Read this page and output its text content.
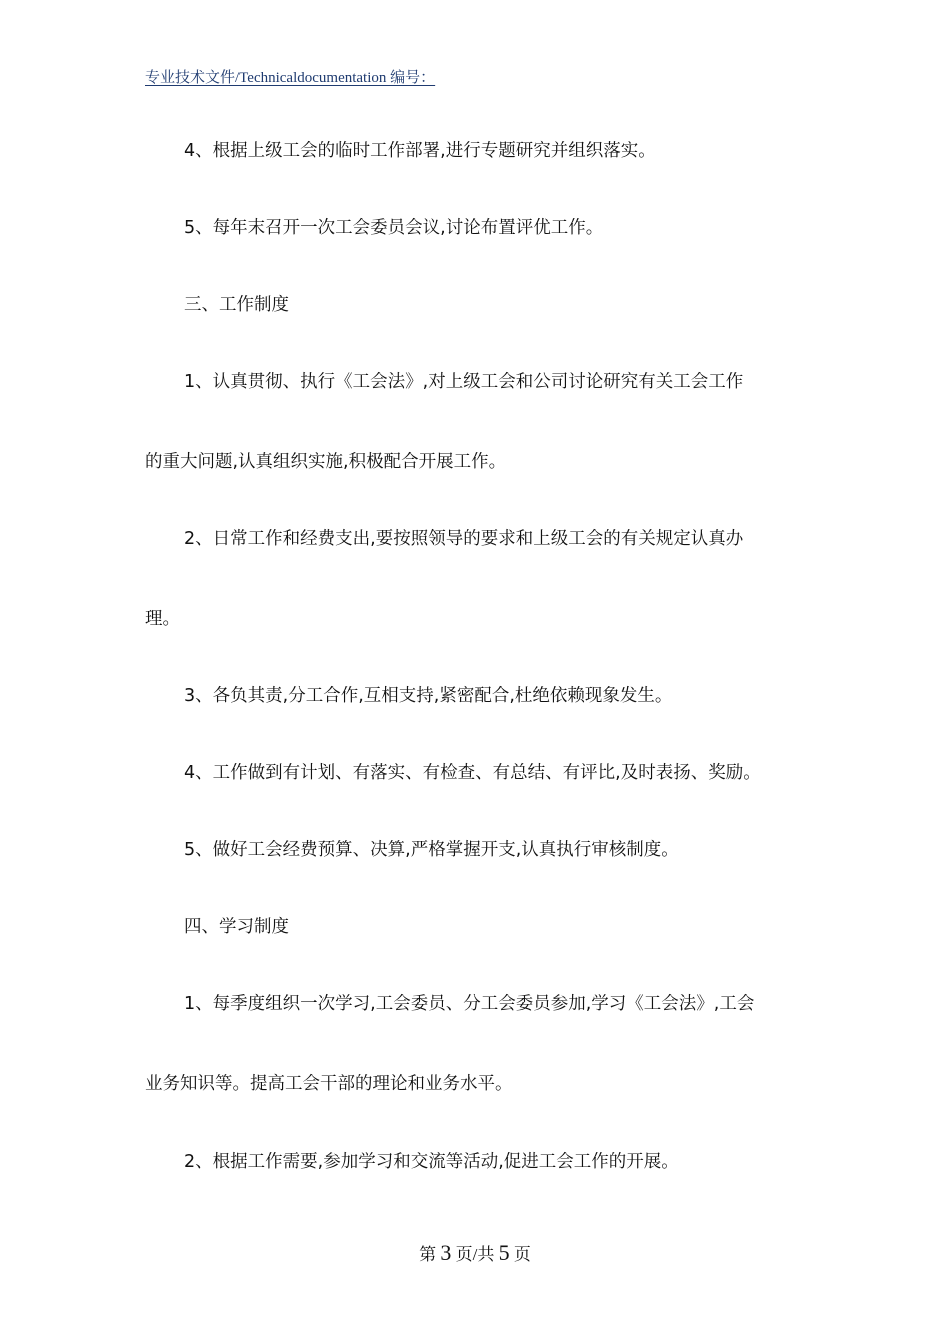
专业技术文件/Technicaldocumentation 编号：
4、根据上级工会的临时工作部署,进行专题研究并组织落实。
5、每年末召开一次工会委员会议,讨论布置评优工作。
三、工作制度
1、认真贯彻、执行《工会法》,对上级工会和公司讨论研究有关工会工作
的重大问题,认真组织实施,积极配合开展工作。
2、日常工作和经费支出,要按照领导的要求和上级工会的有关规定认真办
理。
3、各负其责,分工合作,互相支持,紧密配合,杜绝依赖现象发生。
4、工作做到有计划、有落实、有检查、有总结、有评比,及时表扬、奖励。
5、做好工会经费预算、决算,严格掌握开支,认真执行审核制度。
四、学习制度
1、每季度组织一次学习,工会委员、分工会委员参加,学习《工会法》,工会
业务知识等。提高工会干部的理论和业务水平。
2、根据工作需要,参加学习和交流等活动,促进工会工作的开展。
第 3 页/共 5 页
